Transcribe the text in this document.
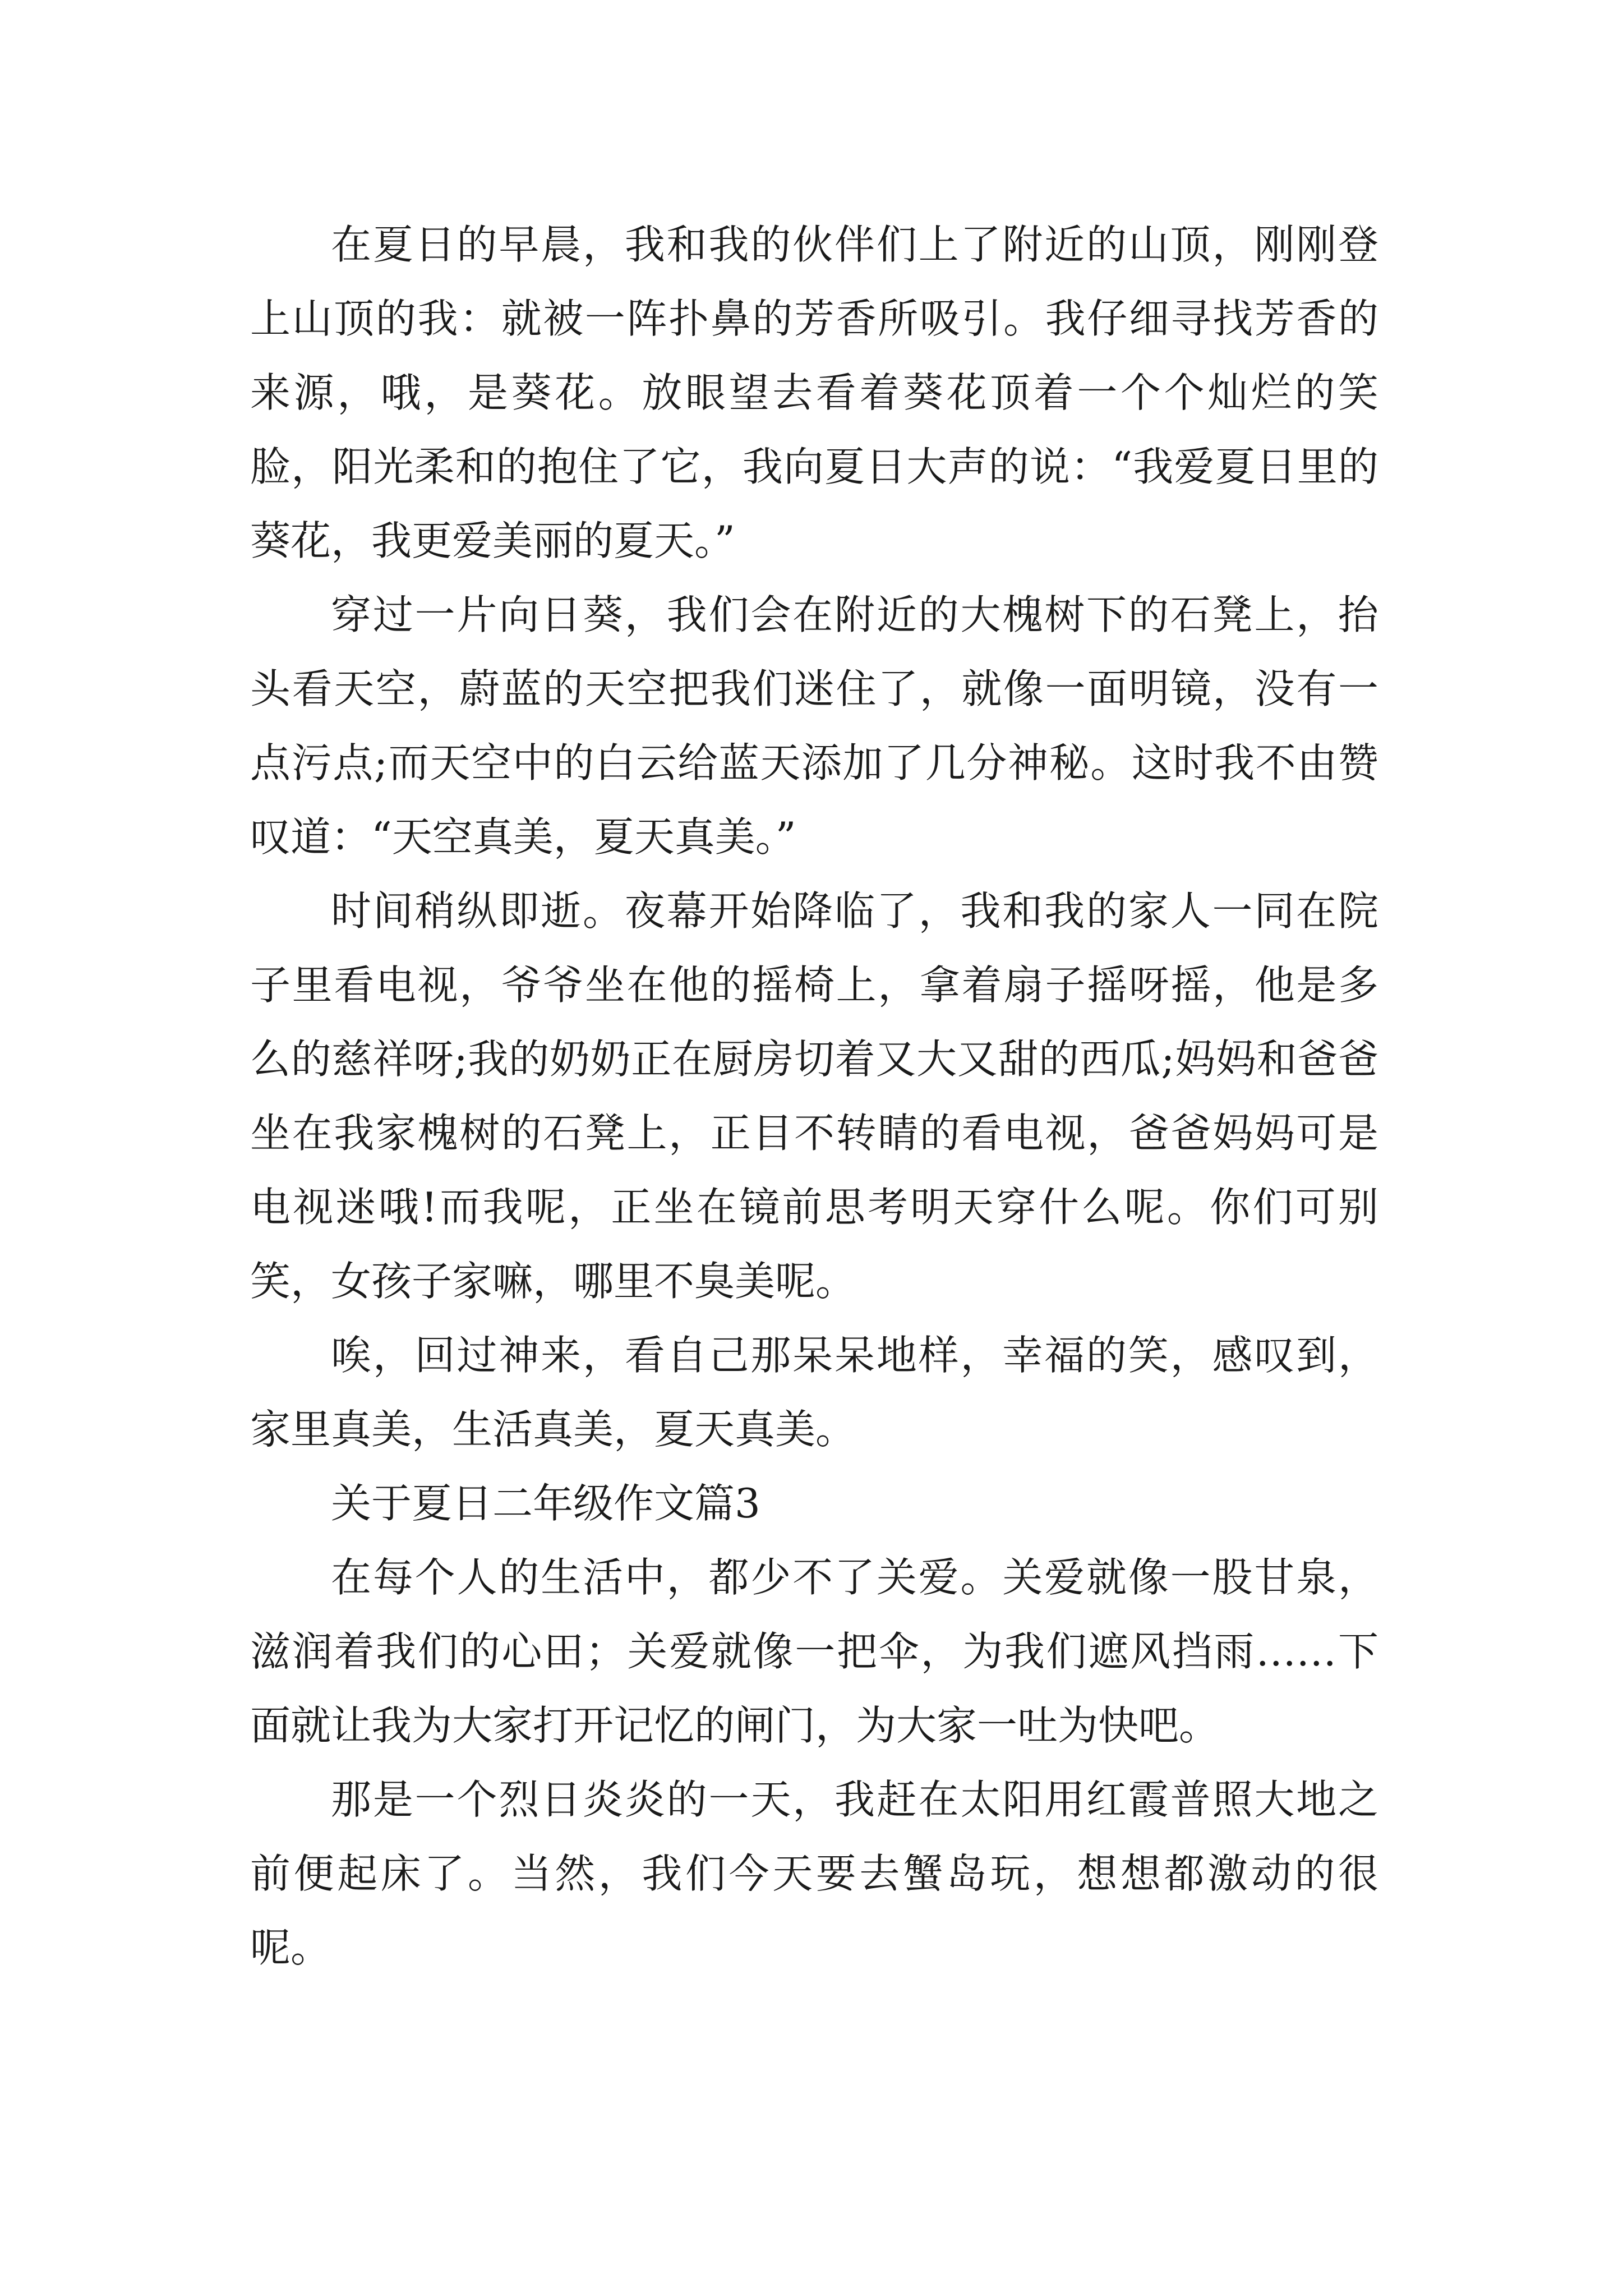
在夏日的早晨，我和我的伙伴们上了附近的山顶，刚刚登上山顶的我：就被一阵扑鼻的芳香所吸引。我仔细寻找芳香的来源，哦，是葵花。放眼望去看着葵花顶着一个个灿烂的笑脸，阳光柔和的抱住了它，我向夏日大声的说：“我爱夏日里的葵花，我更爱美丽的夏天。”

穿过一片向日葵，我们会在附近的大槐树下的石凳上，抬头看天空，蔚蓝的天空把我们迷住了，就像一面明镜，没有一点污点;而天空中的白云给蓝天添加了几分神秘。这时我不由赞叹道：“天空真美，夏天真美。”

时间稍纵即逝。夜幕开始降临了，我和我的家人一同在院子里看电视，爷爷坐在他的摇椅上，拿着扇子摇呀摇，他是多么的慈祥呀;我的奶奶正在厨房切着又大又甜的西瓜;妈妈和爸爸坐在我家槐树的石凳上，正目不转睛的看电视，爸爸妈妈可是电视迷哦!而我呢，正坐在镜前思考明天穿什么呢。你们可别笑，女孩子家嘛，哪里不臭美呢。

唉，回过神来，看自己那呆呆地样，幸福的笑，感叹到，家里真美，生活真美，夏天真美。

关于夏日二年级作文篇3

在每个人的生活中，都少不了关爱。关爱就像一股甘泉，滋润着我们的心田；关爱就像一把伞，为我们遮风挡雨……下面就让我为大家打开记忆的闸门，为大家一吐为快吧。

那是一个烈日炎炎的一天，我赶在太阳用红霞普照大地之前便起床了。当然，我们今天要去蟹岛玩，想想都激动的很呢。
